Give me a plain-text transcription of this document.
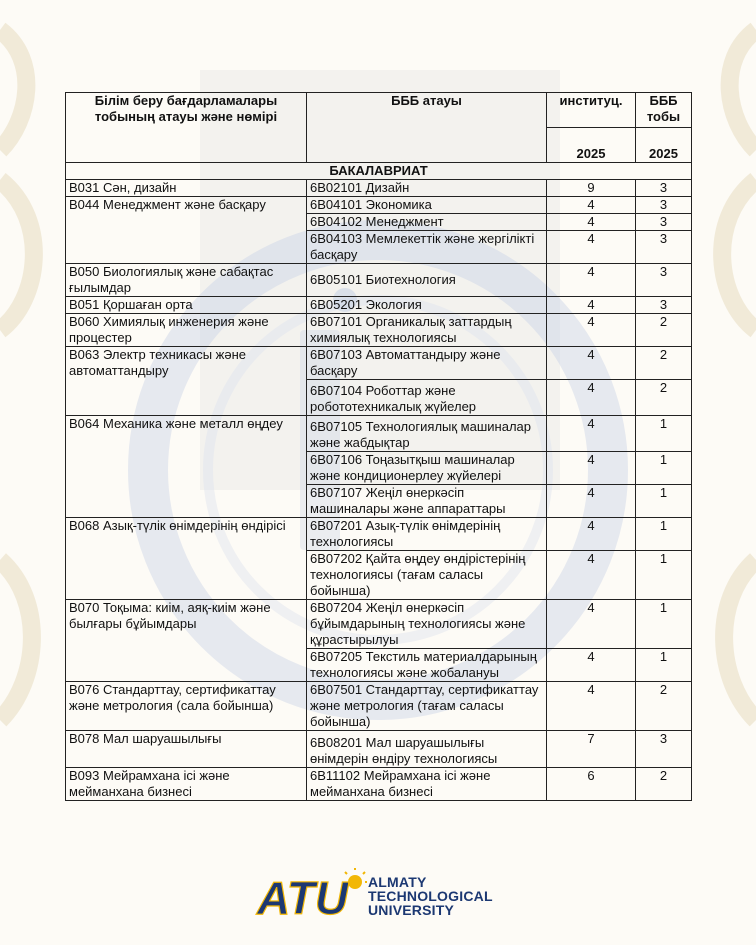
Білім беру бағдарламалары тобының атауы және нөмірі	БББ атауы	институц.	БББ тобы
		2025	2025
БАКАЛАВРИАТ			
В031 Сән, дизайн	6В02101 Дизайн	9	3
В044 Менеджмент және басқару	6В04101 Экономика	4	3
	6В04102 Менеджмент	4	3
	6В04103 Мемлекеттік және жергілікті басқару	4	3
В050 Биологиялық және сабақтас ғылымдар	6В05101 Биотехнология	4	3
В051 Қоршаған орта	6В05201 Экология	4	3
В060 Химиялық инженерия және процестер	6В07101 Органикалық заттардың химиялық технологиясы	4	2
В063 Электр техникасы және автоматтандыру	6В07103 Автоматтандыру және басқару	4	2
	6В07104 Роботтар және робототехникалық жүйелер	4	2
В064 Механика және металл өңдеу	6В07105 Технологиялық машиналар және жабдықтар	4	1
	6В07106 Тоңазытқыш машиналар және кондиционерлеу жүйелері	4	1
	6В07107 Жеңіл өнеркәсіп машиналары және аппараттары	4	1
В068 Азық-түлік өнімдерінің өндірісі	6В07201 Азық-түлік өнімдерінің технологиясы	4	1
	6В07202 Қайта өңдеу өндірістерінің технологиясы (тағам саласы бойынша)	4	1
В070 Тоқыма: киім, аяқ-киім және былғары бұйымдары	6В07204 Жеңіл өнеркәсіп бұйымдарының технологиясы және құрастырылуы	4	1
	6В07205 Текстиль материалдарының технологиясы және жобалануы	4	1
В076 Стандарттау, сертификаттау және метрология (сала бойынша)	6В07501 Стандарттау, сертификаттау және метрология (тағам саласы бойынша)	4	2
В078 Мал шаруашылығы	6В08201 Мал шаруашылығы өнімдерін өндіру технологиясы	7	3
В093 Мейрамхана ісі және мейманхана бизнесі	6В11102 Мейрамхана ісі және мейманхана бизнесі	6	2
ATU ALMATY
TECHNOLOGICAL
UNIVERSITY
